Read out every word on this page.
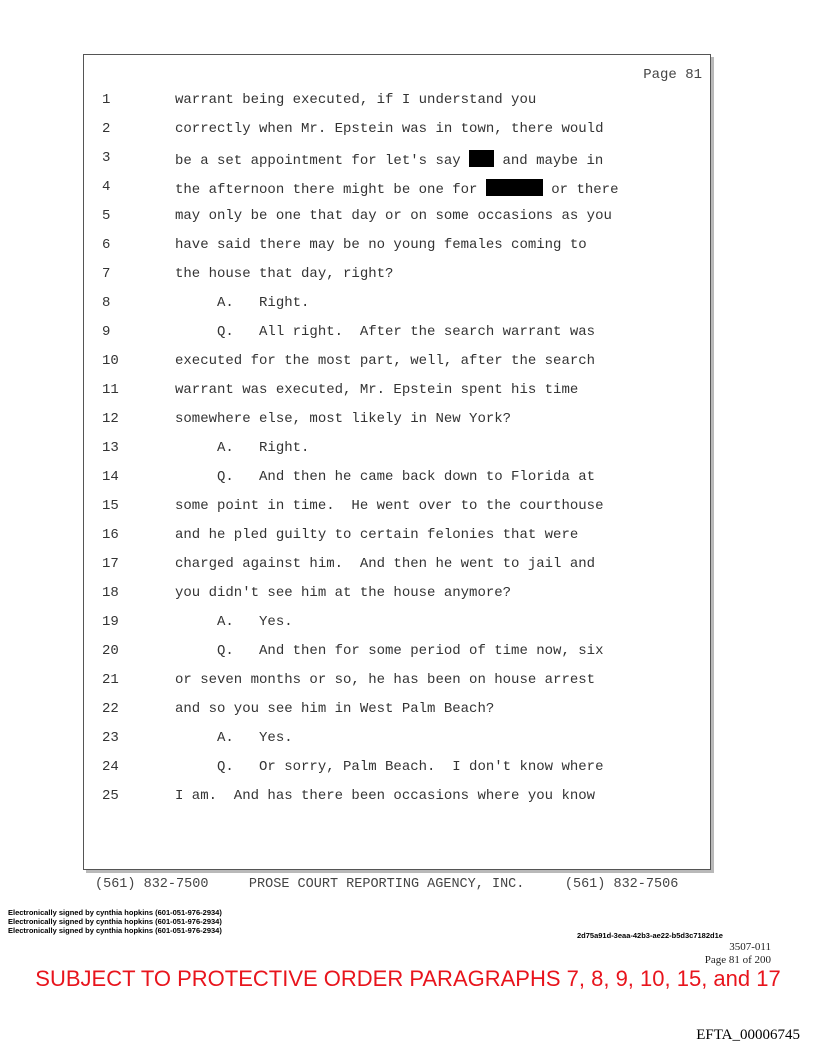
Page 81
1	warrant being executed, if I understand you
2	correctly when Mr. Epstein was in town, there would
3	be a set appointment for let's say  and maybe in
4	the afternoon there might be one for	or there
5	may only be one that day or on some occasions as you
6	have said there may be no young females coming to
7	the house that day, right?
8	A.   Right.
9	Q.   All right.  After the search warrant was
10	executed for the most part, well, after the search
11	warrant was executed, Mr. Epstein spent his time
12	somewhere else, most likely in New York?
13	A.   Right.
14	Q.   And then he came back down to Florida at
15	some point in time.  He went over to the courthouse
16	and he pled guilty to certain felonies that were
17	charged against him.  And then he went to jail and
18	you didn't see him at the house anymore?
19	A.   Yes.
20	Q.   And then for some period of time now, six
21	or seven months or so, he has been on house arrest
22	and so you see him in West Palm Beach?
23	A.   Yes.
24	Q.   Or sorry, Palm Beach.  I don't know where
25	I am.  And has there been occasions where you know
(561) 832-7500     PROSE COURT REPORTING AGENCY, INC.     (561) 832-7506
Electronically signed by cynthia hopkins (601-051-976-2934)
Electronically signed by cynthia hopkins (601-051-976-2934)
Electronically signed by cynthia hopkins (601-051-976-2934)
2d75a91d-3eaa-42b3-ae22-b5d3c7182d1e
3507-011
Page 81 of 200
SUBJECT TO PROTECTIVE ORDER PARAGRAPHS 7, 8, 9, 10, 15, and 17
EFTA_00006745
